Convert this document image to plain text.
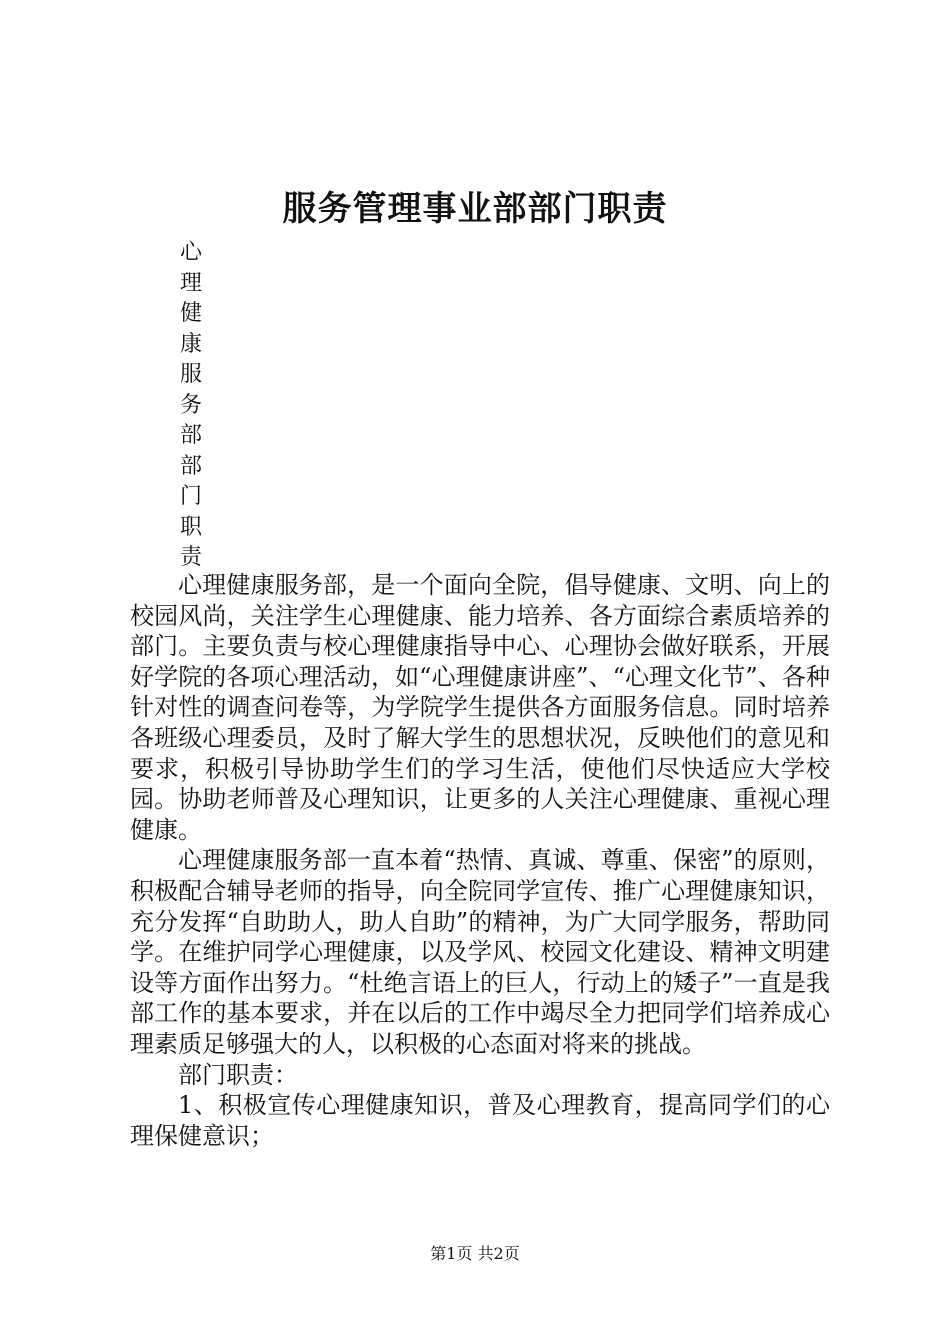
服务管理事业部部门职责
心
理
健
康
服
务
部
部
门
职
责

心理健康服务部，是一个面向全院，倡导健康、文明、向上的校园风尚，关注学生心理健康、能力培养、各方面综合素质培养的部门。主要负责与校心理健康指导中心、心理协会做好联系，开展好学院的各项心理活动，如“心理健康讲座”、“心理文化节”、各种针对性的调查问卷等，为学院学生提供各方面服务信息。同时培养各班级心理委员，及时了解大学生的思想状况，反映他们的意见和要求，积极引导协助学生们的学习生活，使他们尽快适应大学校园。协助老师普及心理知识，让更多的人关注心理健康、重视心理健康。

心理健康服务部一直本着“热情、真诚、尊重、保密”的原则，积极配合辅导老师的指导，向全院同学宣传、推广心理健康知识，充分发挥“自助助人，助人自助”的精神，为广大同学服务，帮助同学。在维护同学心理健康，以及学风、校园文化建设、精神文明建设等方面作出努力。“杜绝言语上的巨人，行动上的矮子”一直是我部工作的基本要求，并在以后的工作中竭尽全力把同学们培养成心理素质足够强大的人，以积极的心态面对将来的挑战。

部门职责：

1、积极宣传心理健康知识，普及心理教育，提高同学们的心理保健意识；

第1页 共2页
